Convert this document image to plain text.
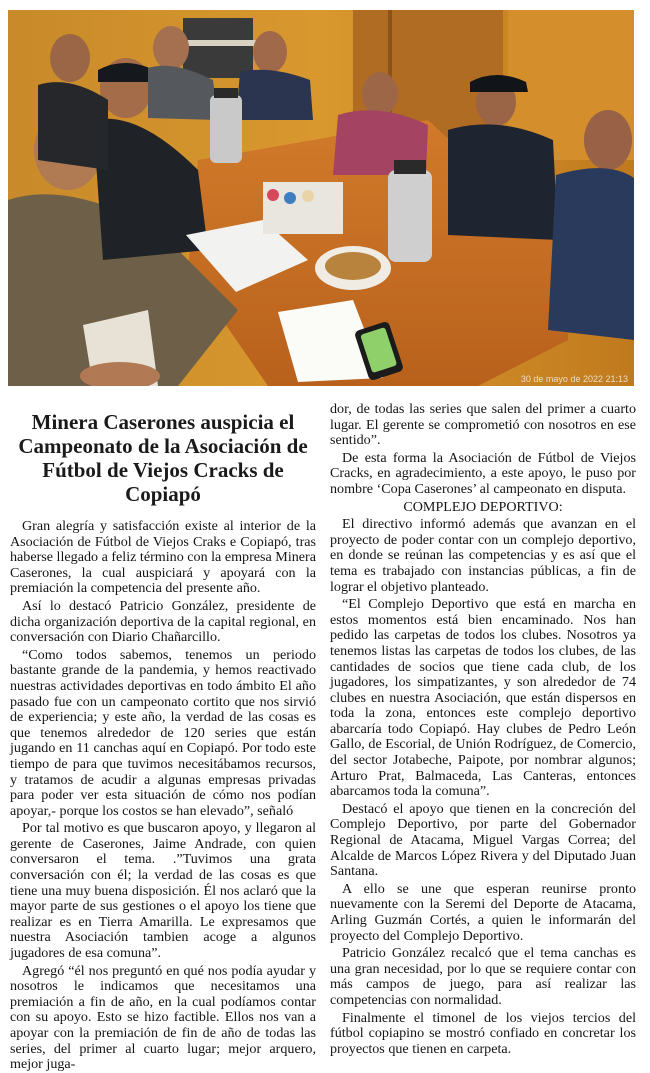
30 de mayo de 2022 21:13
Minera Caserones auspicia el Campeonato de la Asociación de Fútbol de Viejos Cracks de Copiapó

Gran alegría y satisfacción existe al interior de la Asociación de Fútbol de Viejos Craks e Copiapó, tras haberse llegado a feliz término con la empresa Minera Caserones, la cual auspiciará y apoyará con la premiación la competencia del presente año.

Así lo destacó Patricio González, presidente de dicha organización deportiva de la capital regional, en conversación con Diario Chañarcillo.

“Como todos sabemos, tenemos un periodo bastante grande de la pandemia, y hemos reactivado nuestras actividades deportivas en todo ámbito El año pasado fue con un campeonato cortito que nos sirvió de experiencia; y este año, la verdad de las cosas es que tenemos alrededor de 120 series que están jugando en 11 canchas aquí en Copiapó. Por todo este tiempo de para que tuvimos necesitábamos recursos, y tratamos de acudir a algunas empresas privadas para poder ver esta situación de cómo nos podían apoyar,- porque los costos se han elevado”, señaló

Por tal motivo es que buscaron apoyo, y llegaron al gerente de Caserones, Jaime Andrade, con quien conversaron el tema. .”Tuvimos una grata conversación con él; la verdad de las cosas es que tiene una muy buena disposición. Él nos aclaró que la mayor parte de sus gestiones o el apoyo los tiene que realizar es en Tierra Amarilla. Le expresamos que nuestra Asociación tambien acoge a algunos jugadores de esa comuna”.

Agregó “él nos preguntó en qué nos podía ayudar y nosotros le indicamos que necesitamos una premiación a fin de año, en la cual podíamos contar con su apoyo. Esto se hizo factible. Ellos nos van a apoyar con la premiación de fin de año de todas las series, del primer al cuarto lugar; mejor arquero, mejor juga-

dor, de todas las series que salen del primer a cuarto lugar. El gerente se comprometió con nosotros en ese sentido”.

De esta forma la Asociación de Fútbol de Viejos Cracks, en agradecimiento, a este apoyo, le puso por nombre ‘Copa Caserones’ al campeonato en disputa.

COMPLEJO DEPORTIVO:

El directivo informó además que avanzan en el proyecto de poder contar con un complejo deportivo, en donde se reúnan las competencias y es así que el tema es trabajado con instancias públicas, a fin de lograr el objetivo planteado.

“El Complejo Deportivo que está en marcha en estos momentos está bien encaminado. Nos han pedido las carpetas de todos los clubes. Nosotros ya tenemos listas las carpetas de todos los clubes, de las cantidades de socios que tiene cada club, de los jugadores, los simpatizantes, y son alrededor de 74 clubes en nuestra Asociación, que están dispersos en toda la zona, entonces este complejo deportivo abarcaría todo Copiapó. Hay clubes de Pedro León Gallo, de Escorial, de Unión Rodríguez, de Comercio, del sector Jotabeche, Paipote, por nombrar algunos; Arturo Prat, Balmaceda, Las Canteras, entonces abarcamos toda la comuna”.

Destacó el apoyo que tienen en la concreción del Complejo Deportivo, por parte del Gobernador Regional de Atacama, Miguel Vargas Correa; del Alcalde de Marcos López Rivera y del Diputado Juan Santana.

A ello se une que esperan reunirse pronto nuevamente con la Seremi del Deporte de Atacama, Arling Guzmán Cortés, a quien le informarán del proyecto del Complejo Deportivo.

Patricio González recalcó que el tema canchas es una gran necesidad, por lo que se requiere contar con más campos de juego, para así realizar las competencias con normalidad.

Finalmente el timonel de los viejos tercios del fútbol copiapino se mostró confiado en concretar los proyectos que tienen en carpeta.
